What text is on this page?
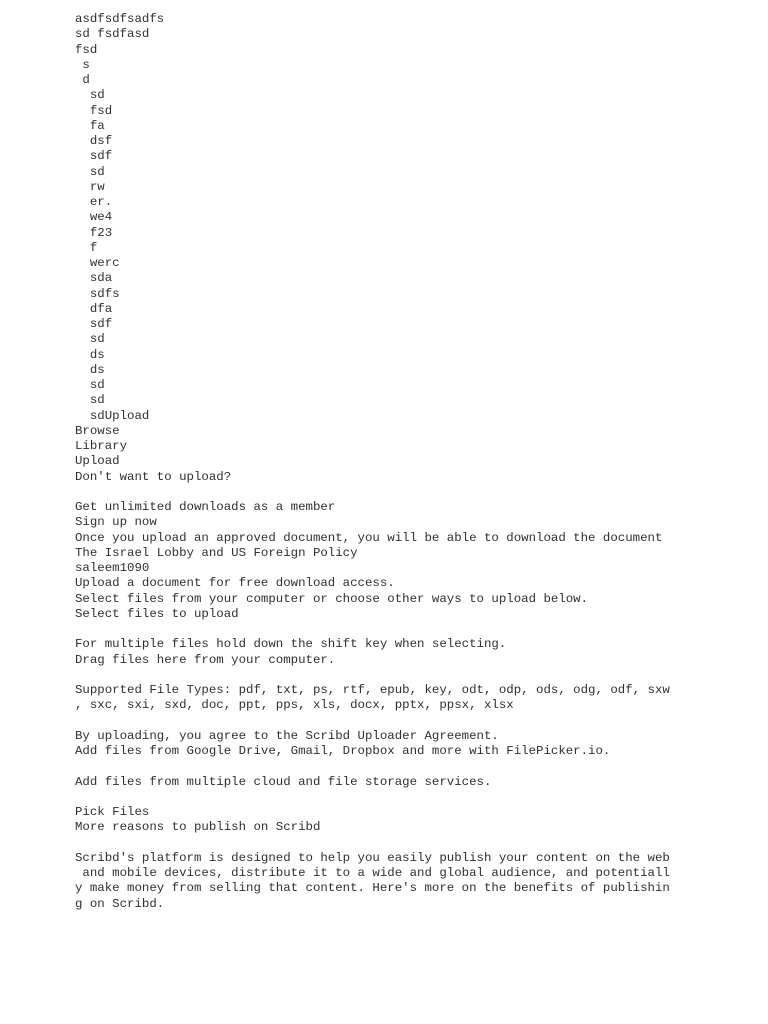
asdfsdfsadfs
sd fsdfasd
fsd
s
d
sd
fsd
fa
dsf
sdf
sd
rw
er.
we4
f23
f
werc
sda
sdfs
dfa
sdf
sd
ds
ds
sd
sd
sdUpload
Browse
Library
Upload
Don't want to upload?
Get unlimited downloads as a member
Sign up now
Once you upload an approved document, you will be able to download the document
The Israel Lobby and US Foreign Policy
saleem1090
Upload a document for free download access.
Select files from your computer or choose other ways to upload below.
Select files to upload
For multiple files hold down the shift key when selecting.
Drag files here from your computer.
Supported File Types: pdf, txt, ps, rtf, epub, key, odt, odp, ods, odg, odf, sxw
, sxc, sxi, sxd, doc, ppt, pps, xls, docx, pptx, ppsx, xlsx
By uploading, you agree to the Scribd Uploader Agreement.
Add files from Google Drive, Gmail, Dropbox and more with FilePicker.io.
Add files from multiple cloud and file storage services.
Pick Files
More reasons to publish on Scribd
Scribd's platform is designed to help you easily publish your content on the web
and mobile devices, distribute it to a wide and global audience, and potentiall
y make money from selling that content. Here's more on the benefits of publishin
g on Scribd.
